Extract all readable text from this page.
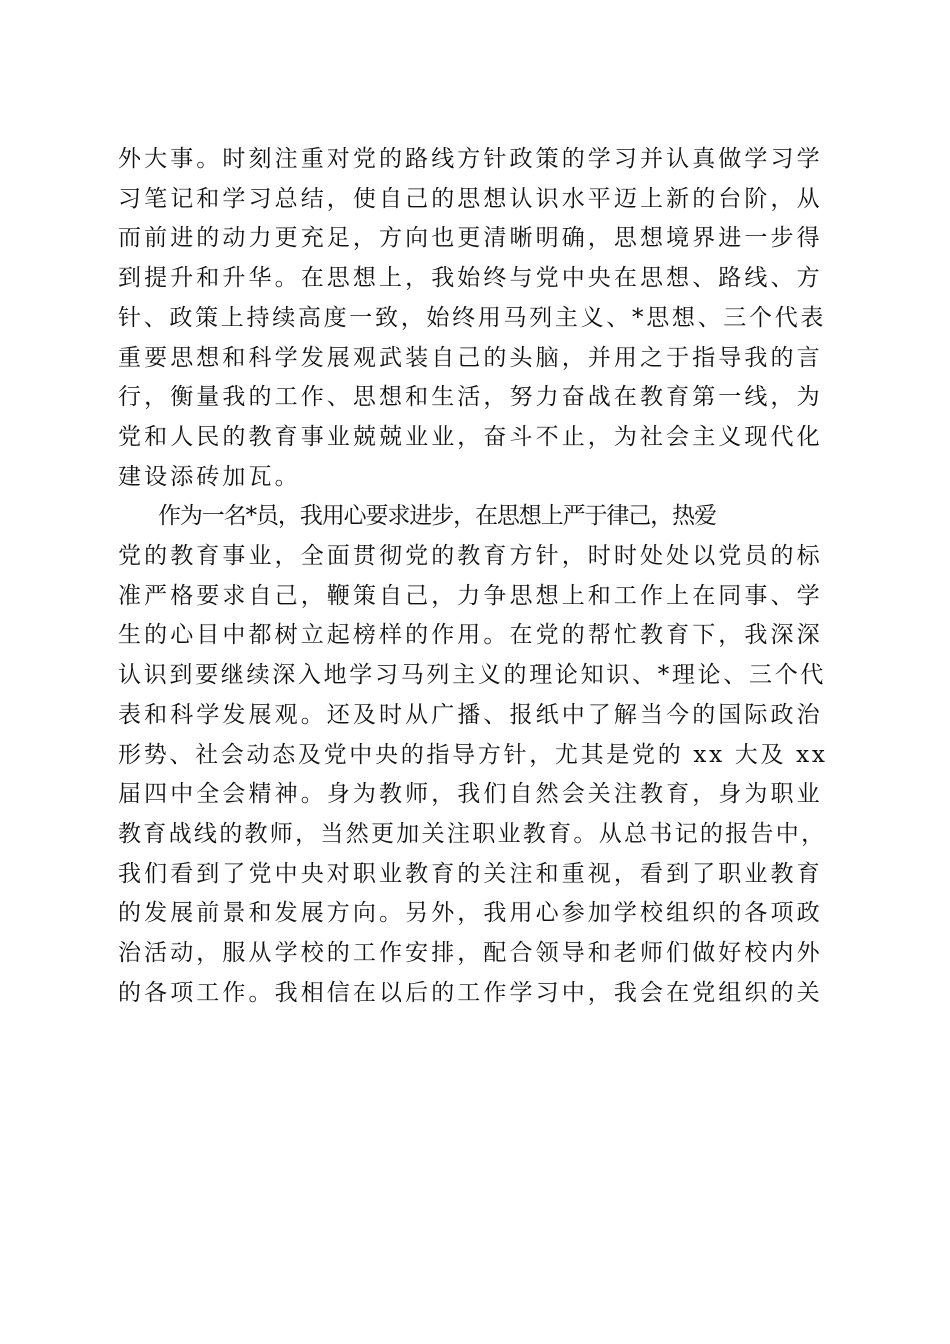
外大事。时刻注重对党的路线方针政策的学习并认真做学习学
习笔记和学习总结，使自己的思想认识水平迈上新的台阶，从
而前进的动力更充足，方向也更清晰明确，思想境界进一步得
到提升和升华。在思想上，我始终与党中央在思想、路线、方
针、政策上持续高度一致，始终用马列主义、*思想、三个代表
重要思想和科学发展观武装自己的头脑，并用之于指导我的言
行，衡量我的工作、思想和生活，努力奋战在教育第一线，为
党和人民的教育事业兢兢业业，奋斗不止，为社会主义现代化
建设添砖加瓦。

作为一名*员，我用心要求进步，在思想上严于律己，热爱
党的教育事业，全面贯彻党的教育方针，时时处处以党员的标
准严格要求自己，鞭策自己，力争思想上和工作上在同事、学
生的心目中都树立起榜样的作用。在党的帮忙教育下，我深深
认识到要继续深入地学习马列主义的理论知识、*理论、三个代
表和科学发展观。还及时从广播、报纸中了解当今的国际政治
形势、社会动态及党中央的指导方针，尤其是党的 xx 大及 xx
届四中全会精神。身为教师，我们自然会关注教育，身为职业
教育战线的教师，当然更加关注职业教育。从总书记的报告中，
我们看到了党中央对职业教育的关注和重视，看到了职业教育
的发展前景和发展方向。另外，我用心参加学校组织的各项政
治活动，服从学校的工作安排，配合领导和老师们做好校内外
的各项工作。我相信在以后的工作学习中，我会在党组织的关
